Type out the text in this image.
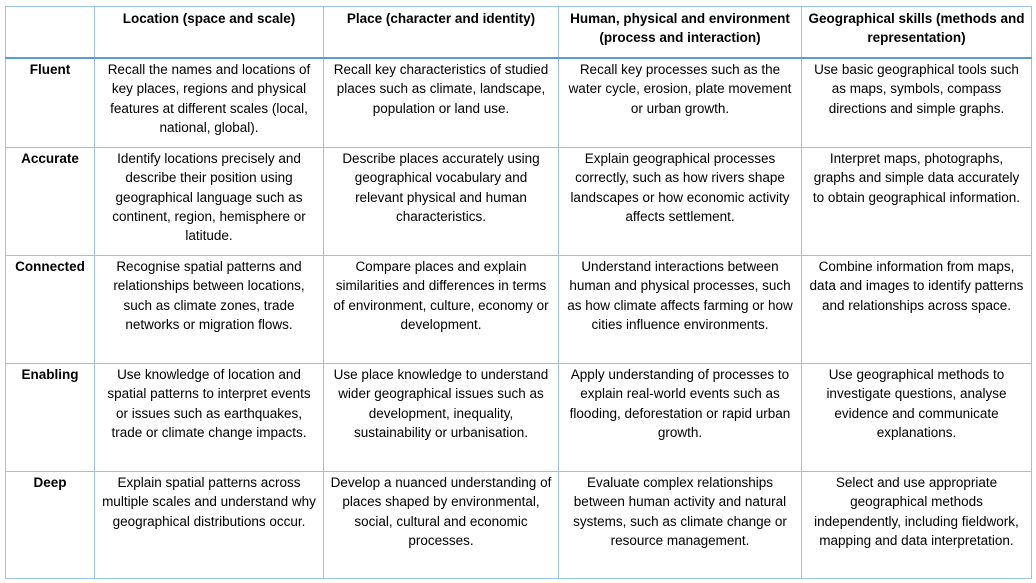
	Location (space and scale)	Place (character and identity)	Human, physical and environment (process and interaction)	Geographical skills (methods and representation)
Fluent	Recall the names and locations of key places, regions and physical features at different scales (local, national, global).	Recall key characteristics of studied places such as climate, landscape, population or land use.	Recall key processes such as the water cycle, erosion, plate movement or urban growth.	Use basic geographical tools such as maps, symbols, compass directions and simple graphs.
Accurate	Identify locations precisely and describe their position using geographical language such as continent, region, hemisphere or latitude.	Describe places accurately using geographical vocabulary and relevant physical and human characteristics.	Explain geographical processes correctly, such as how rivers shape landscapes or how economic activity affects settlement.	Interpret maps, photographs, graphs and simple data accurately to obtain geographical information.
Connected	Recognise spatial patterns and relationships between locations, such as climate zones, trade networks or migration flows.	Compare places and explain similarities and differences in terms of environment, culture, economy or development.	Understand interactions between human and physical processes, such as how climate affects farming or how cities influence environments.	Combine information from maps, data and images to identify patterns and relationships across space.
Enabling	Use knowledge of location and spatial patterns to interpret events or issues such as earthquakes, trade or climate change impacts.	Use place knowledge to understand wider geographical issues such as development, inequality, sustainability or urbanisation.	Apply understanding of processes to explain real-world events such as flooding, deforestation or rapid urban growth.	Use geographical methods to investigate questions, analyse evidence and communicate explanations.
Deep	Explain spatial patterns across multiple scales and understand why geographical distributions occur.	Develop a nuanced understanding of places shaped by environmental, social, cultural and economic processes.	Evaluate complex relationships between human activity and natural systems, such as climate change or resource management.	Select and use appropriate geographical methods independently, including fieldwork, mapping and data interpretation.
